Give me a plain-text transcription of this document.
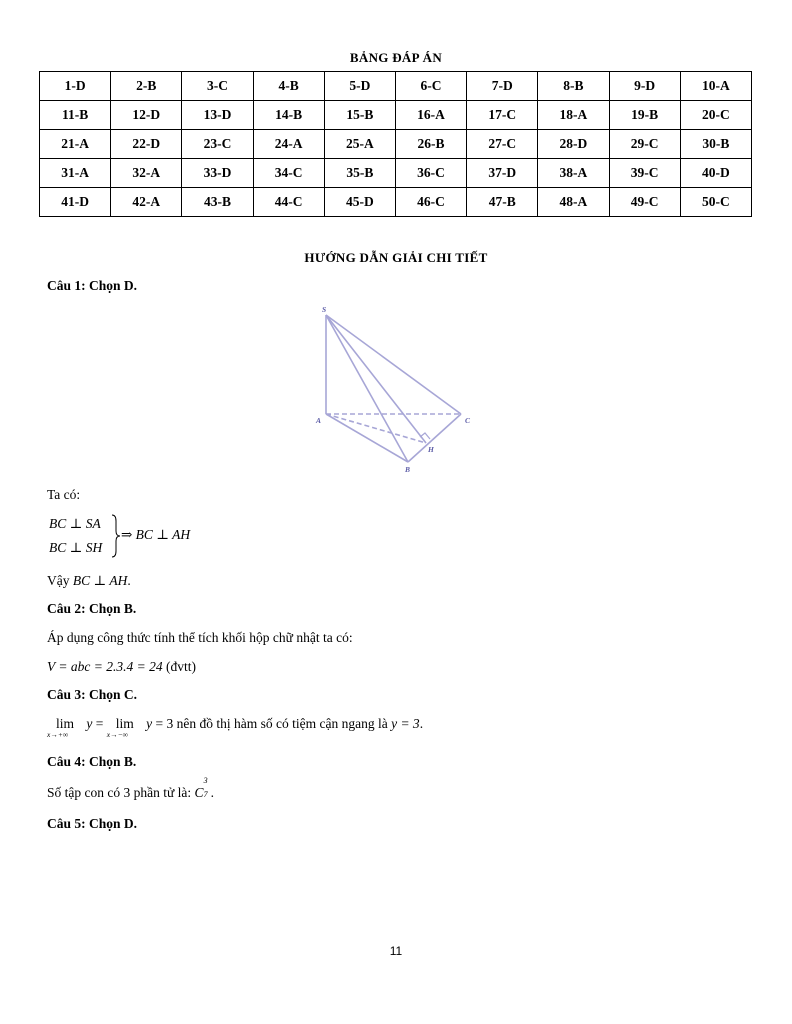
BẢNG ĐÁP ÁN
1-D	2-B	3-C	4-B	5-D	6-C	7-D	8-B	9-D	10-A
11-B	12-D	13-D	14-B	15-B	16-A	17-C	18-A	19-B	20-C
21-A	22-D	23-C	24-A	25-A	26-B	27-C	28-D	29-C	30-B
31-A	32-A	33-D	34-C	35-B	36-C	37-D	38-A	39-C	40-D
41-D	42-A	43-B	44-C	45-D	46-C	47-B	48-A	49-C	50-C
HƯỚNG DẪN GIẢI CHI TIẾT
Câu 1: Chọn D.
S
A
B
C
H
Ta có:
BC ⊥ SA
BC ⊥ SH
⇒ BC ⊥ AH
Vậy BC ⊥ AH.
Câu 2: Chọn B.
Áp dụng công thức tính thể tích khối hộp chữ nhật ta có:
V = abc = 2.3.4 = 24 (đvtt)
Câu 3: Chọn C.
lim
x→+∞
y = lim
x→−∞
y = 3 nên đồ thị hàm số có tiệm cận ngang là y = 3.
Câu 4: Chọn B.
Số tập con có 3 phần tử là: C
3
7 .
Câu 5: Chọn D.
11
